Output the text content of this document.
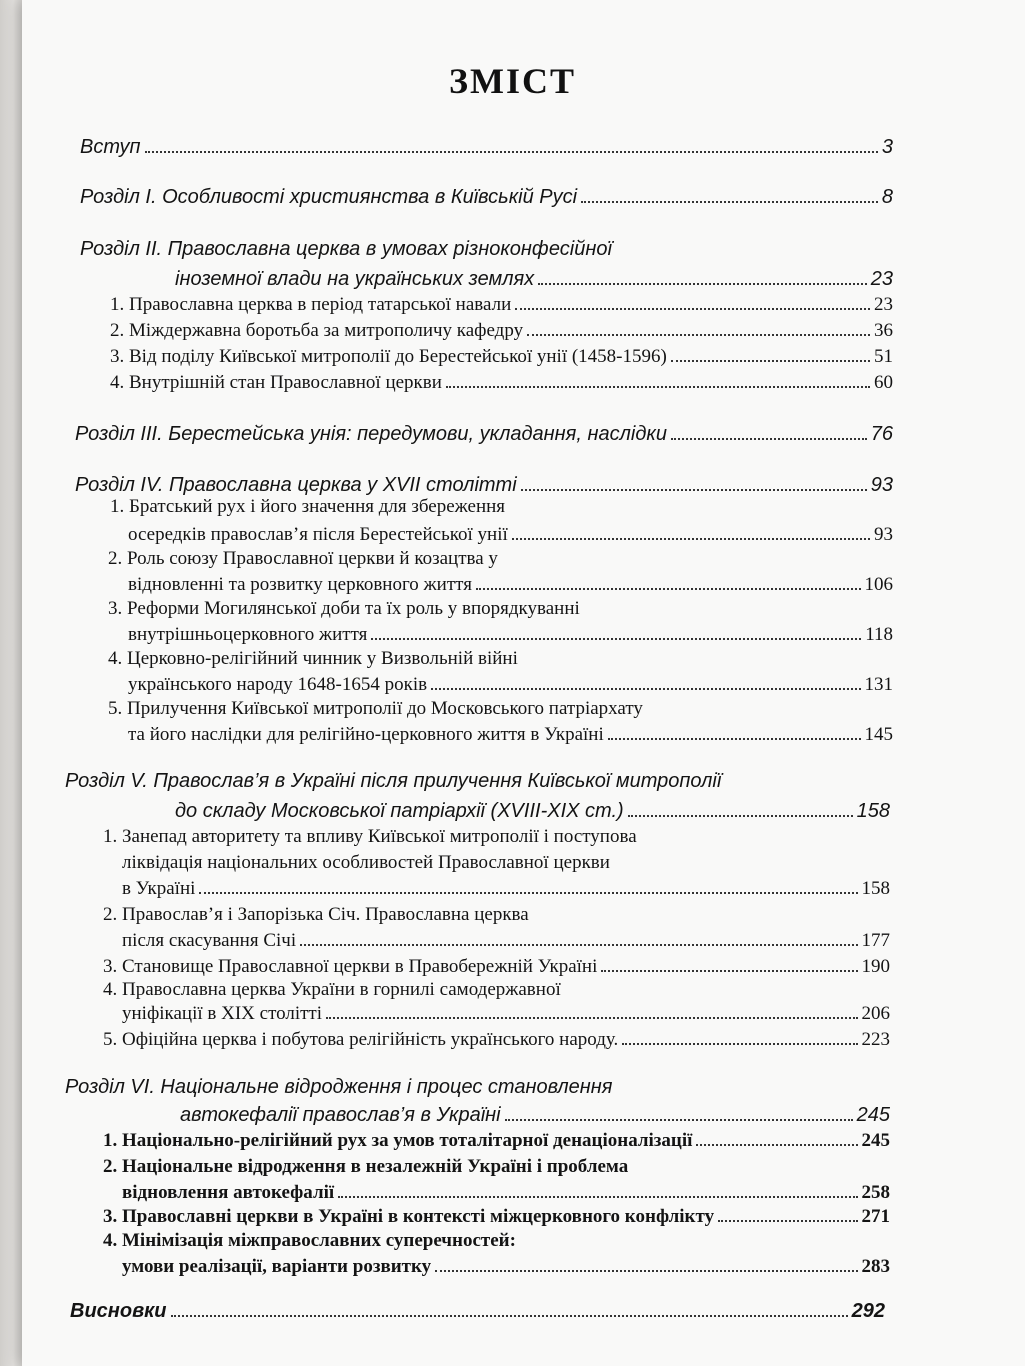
ЗМІСТ
Вступ	3
Розділ І. Особливості християнства в Київській Русі	8
Розділ ІІ. Православна церква в умовах різноконфесійної
іноземної влади на українських землях	23
1. Православна церква в період татарської навали	23
2. Міждержавна боротьба за митрополичу кафедру	36
3. Від поділу Київської митрополії до Берестейської унії (1458-1596)	51
4. Внутрішній стан Православної церкви	60
Розділ ІІІ. Берестейська унія: передумови, укладання, наслідки	76
Розділ IV. Православна церква у XVII столітті	93
1. Братський рух і його значення для збереження
осередків православ’я після Берестейської унії	93
2. Роль союзу Православної церкви й козацтва у
відновленні та розвитку церковного життя	106
3. Реформи Могилянської доби та їх роль у впорядкуванні
внутрішньоцерковного життя	118
4. Церковно-релігійний чинник у Визвольній війні
українського народу 1648-1654 років	131
5. Прилучення Київської митрополії до Московського патріархату
та його наслідки для релігійно-церковного життя в Україні	145
Розділ V. Православ’я в Україні після прилучення Київської митрополії
до складу Московської патріархії (XVIII-XIX ст.)	158
1. Занепад авторитету та впливу Київської митрополії і поступова
ліквідація національних особливостей Православної церкви
в Україні	158
2. Православ’я і Запорізька Січ. Православна церква
після скасування Січі	177
3. Становище Православної церкви в Правобережній Україні	190
4. Православна церква України в горнилі самодержавної
уніфікації в XIX столітті	206
5. Офіційна церква і побутова релігійність українського народу.	223
Розділ VI. Національне відродження і процес становлення
автокефалії православ’я в Україні	245
1. Національно-релігійний рух за умов тоталітарної денаціоналізації	245
2. Національне відродження в незалежній Україні і проблема
відновлення автокефалії	258
3. Православні церкви в Україні в контексті міжцерковного конфлікту	271
4. Мінімізація міжправославних суперечностей:
умови реалізації, варіанти розвитку	283
Висновки	292
